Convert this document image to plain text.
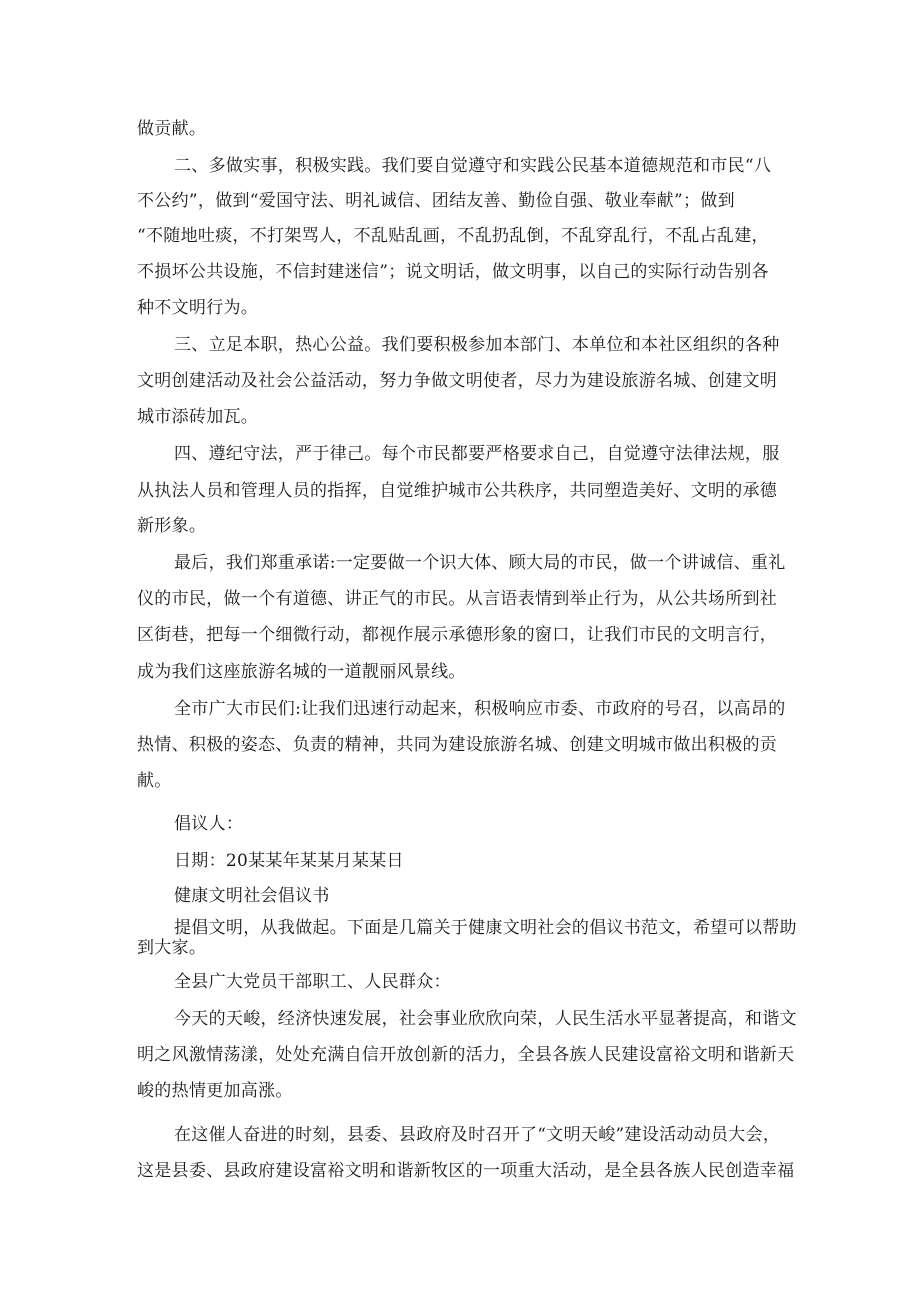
做贡献。
二、多做实事，积极实践。我们要自觉遵守和实践公民基本道德规范和市民“八
不公约”，做到“爱国守法、明礼诚信、团结友善、勤俭自强、敬业奉献”；做到
“不随地吐痰，不打架骂人，不乱贴乱画，不乱扔乱倒，不乱穿乱行，不乱占乱建，
不损坏公共设施，不信封建迷信”；说文明话，做文明事，以自己的实际行动告别各
种不文明行为。
三、立足本职，热心公益。我们要积极参加本部门、本单位和本社区组织的各种
文明创建活动及社会公益活动，努力争做文明使者，尽力为建设旅游名城、创建文明
城市添砖加瓦。
四、遵纪守法，严于律己。每个市民都要严格要求自己，自觉遵守法律法规，服
从执法人员和管理人员的指挥，自觉维护城市公共秩序，共同塑造美好、文明的承德
新形象。
最后，我们郑重承诺:一定要做一个识大体、顾大局的市民，做一个讲诚信、重礼
仪的市民，做一个有道德、讲正气的市民。从言语表情到举止行为，从公共场所到社
区街巷，把每一个细微行动，都视作展示承德形象的窗口，让我们市民的文明言行，
成为我们这座旅游名城的一道靓丽风景线。
全市广大市民们:让我们迅速行动起来，积极响应市委、市政府的号召，以高昂的
热情、积极的姿态、负责的精神，共同为建设旅游名城、创建文明城市做出积极的贡
献。
倡议人：
日期：20某某年某某月某某日
健康文明社会倡议书
提倡文明，从我做起。下面是几篇关于健康文明社会的倡议书范文，希望可以帮助
到大家。
全县广大党员干部职工、人民群众：
今天的天峻，经济快速发展，社会事业欣欣向荣，人民生活水平显著提高，和谐文
明之风激情荡漾，处处充满自信开放创新的活力，全县各族人民建设富裕文明和谐新天
峻的热情更加高涨。
在这催人奋进的时刻，县委、县政府及时召开了“文明天峻”建设活动动员大会，
这是县委、县政府建设富裕文明和谐新牧区的一项重大活动，是全县各族人民创造幸福
